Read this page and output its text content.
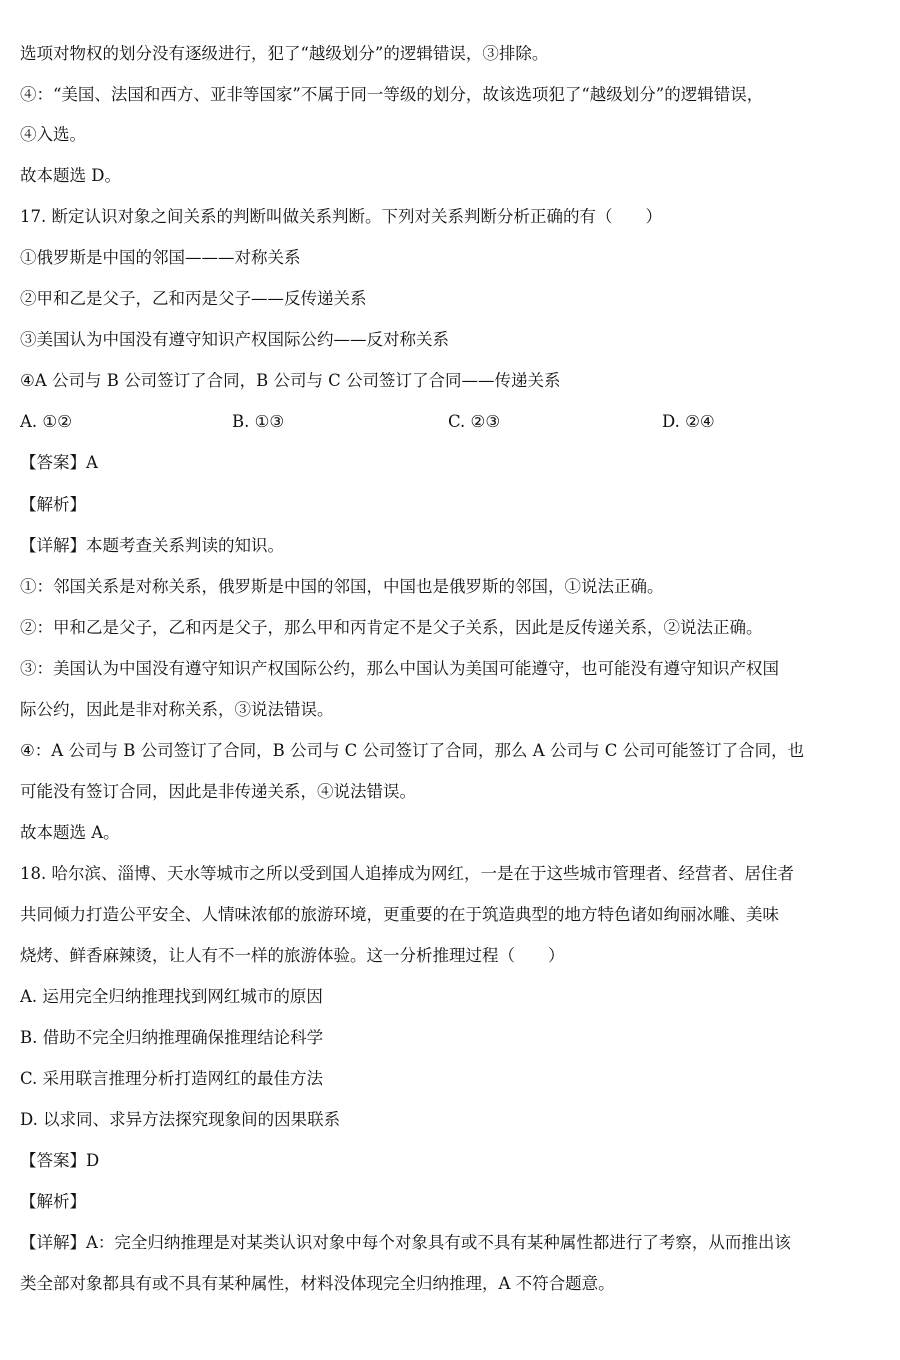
选项对物权的划分没有逐级进行，犯了“越级划分”的逻辑错误，③排除。
④：“美国、法国和西方、亚非等国家”不属于同一等级的划分，故该选项犯了“越级划分”的逻辑错误，
④入选。
故本题选 D。
17. 断定认识对象之间关系的判断叫做关系判断。下列对关系判断分析正确的有（　　）
①俄罗斯是中国的邻国———对称关系
②甲和乙是父子，乙和丙是父子——反传递关系
③美国认为中国没有遵守知识产权国际公约——反对称关系
④A 公司与 B 公司签订了合同，B 公司与 C 公司签订了合同——传递关系
A. ①②	B. ①③	C. ②③	D. ②④
【答案】A
【解析】
【详解】本题考查关系判读的知识。
①：邻国关系是对称关系，俄罗斯是中国的邻国，中国也是俄罗斯的邻国，①说法正确。
②：甲和乙是父子，乙和丙是父子，那么甲和丙肯定不是父子关系，因此是反传递关系，②说法正确。
③：美国认为中国没有遵守知识产权国际公约，那么中国认为美国可能遵守，也可能没有遵守知识产权国
际公约，因此是非对称关系，③说法错误。
④：A 公司与 B 公司签订了合同，B 公司与 C 公司签订了合同，那么 A 公司与 C 公司可能签订了合同，也
可能没有签订合同，因此是非传递关系，④说法错误。
故本题选 A。
18. 哈尔滨、淄博、天水等城市之所以受到国人追捧成为网红，一是在于这些城市管理者、经营者、居住者
共同倾力打造公平安全、人情味浓郁的旅游环境，更重要的在于筑造典型的地方特色诸如绚丽冰雕、美味
烧烤、鲜香麻辣烫，让人有不一样的旅游体验。这一分析推理过程（　　）
A. 运用完全归纳推理找到网红城市的原因
B. 借助不完全归纳推理确保推理结论科学
C. 采用联言推理分析打造网红的最佳方法
D. 以求同、求异方法探究现象间的因果联系
【答案】D
【解析】
【详解】A：完全归纳推理是对某类认识对象中每个对象具有或不具有某种属性都进行了考察，从而推出该
类全部对象都具有或不具有某种属性，材料没体现完全归纳推理，A 不符合题意。
